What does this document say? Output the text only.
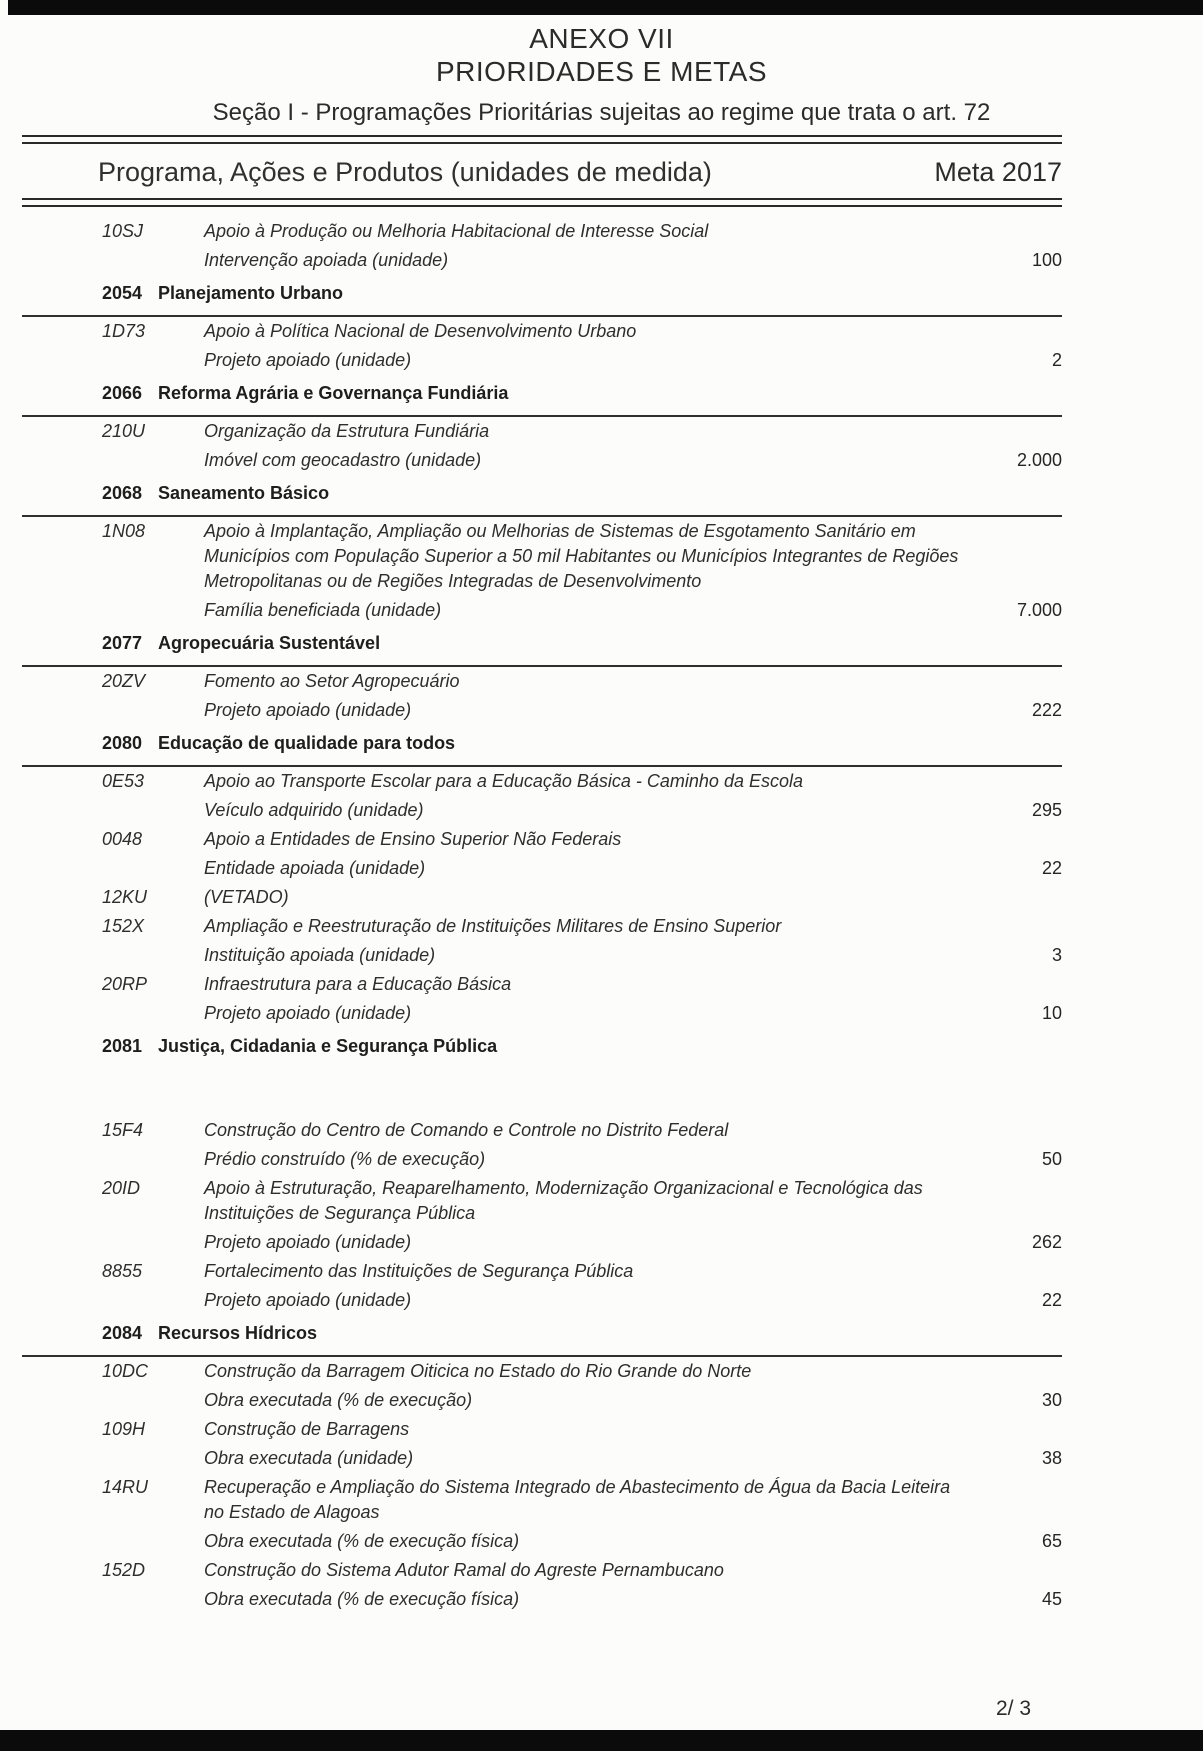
ANEXO VII
PRIORIDADES E METAS
Seção I - Programações Prioritárias sujeitas ao regime que trata o art. 72
Programa, Ações e Produtos (unidades de medida)	Meta 2017
10SJ	Apoio à Produção ou Melhoria Habitacional de Interesse Social
Intervenção apoiada (unidade)	100
2054 Planejamento Urbano
1D73	Apoio à Política Nacional de Desenvolvimento Urbano
Projeto apoiado (unidade)	2
2066 Reforma Agrária e Governança Fundiária
210U	Organização da Estrutura Fundiária
Imóvel com geocadastro (unidade)	2.000
2068 Saneamento Básico
1N08	Apoio à Implantação, Ampliação ou Melhorias de Sistemas de Esgotamento Sanitário em Municípios com População Superior a 50 mil Habitantes ou Municípios Integrantes de Regiões Metropolitanas ou de Regiões Integradas de Desenvolvimento
Família beneficiada (unidade)	7.000
2077 Agropecuária Sustentável
20ZV	Fomento ao Setor Agropecuário
Projeto apoiado (unidade)	222
2080 Educação de qualidade para todos
0E53	Apoio ao Transporte Escolar para a Educação Básica - Caminho da Escola
Veículo adquirido (unidade)	295
0048	Apoio a Entidades de Ensino Superior Não Federais
Entidade apoiada (unidade)	22
12KU	(VETADO)
152X	Ampliação e Reestruturação de Instituições Militares de Ensino Superior
Instituição apoiada (unidade)	3
20RP	Infraestrutura para a Educação Básica
Projeto apoiado (unidade)	10
2081 Justiça, Cidadania e Segurança Pública
15F4	Construção do Centro de Comando e Controle no Distrito Federal
Prédio construído (% de execução)	50
20ID	Apoio à Estruturação, Reaparelhamento, Modernização Organizacional e Tecnológica das Instituições de Segurança Pública
Projeto apoiado (unidade)	262
8855	Fortalecimento das Instituições de Segurança Pública
Projeto apoiado (unidade)	22
2084 Recursos Hídricos
10DC	Construção da Barragem Oiticica no Estado do Rio Grande do Norte
Obra executada (% de execução)	30
109H	Construção de Barragens
Obra executada (unidade)	38
14RU	Recuperação e Ampliação do Sistema Integrado de Abastecimento de Água da Bacia Leiteira no Estado de Alagoas
Obra executada (% de execução física)	65
152D	Construção do Sistema Adutor Ramal do Agreste Pernambucano
Obra executada (% de execução física)	45
2/ 3
